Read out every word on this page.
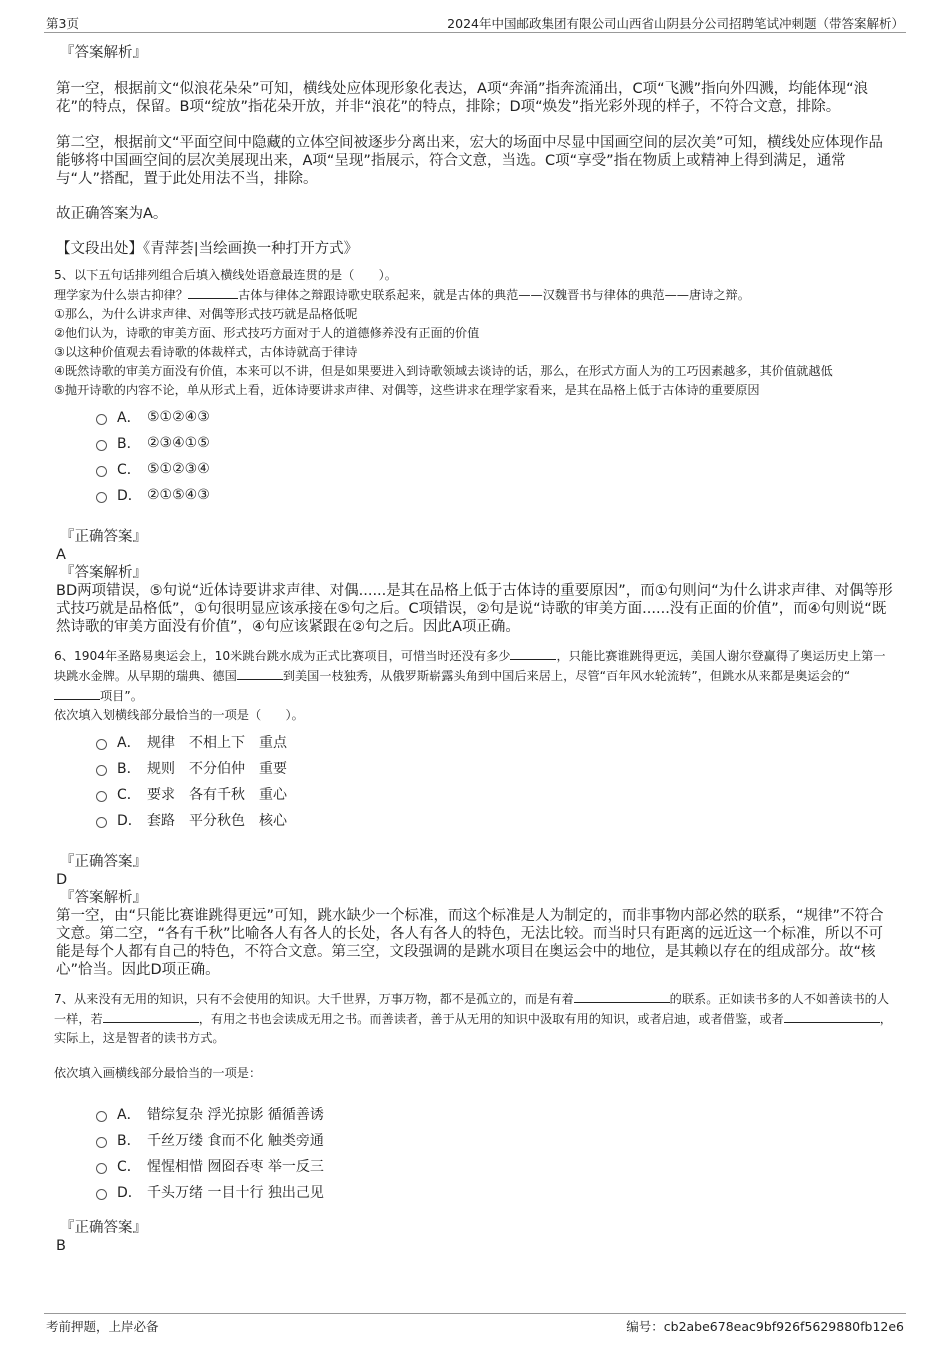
第3页	2024年中国邮政集团有限公司山西省山阴县分公司招聘笔试冲刺题（带答案解析）
『答案解析』

第一空，根据前文“似浪花朵朵”可知，横线处应体现形象化表达，A项“奔涌”指奔流涌出，C项“飞溅”指向外四溅，均能体现“浪花”的特点，保留。B项“绽放”指花朵开放，并非“浪花”的特点，排除；D项“焕发”指光彩外现的样子，不符合文意，排除。

第二空，根据前文“平面空间中隐藏的立体空间被逐步分离出来，宏大的场面中尽显中国画空间的层次美”可知，横线处应体现作品能够将中国画空间的层次美展现出来，A项“呈现”指展示，符合文意，当选。C项“享受”指在物质上或精神上得到满足，通常与“人”搭配，置于此处用法不当，排除。

故正确答案为A。

【文段出处】《青萍荟|当绘画换一种打开方式》

5、以下五句话排列组合后填入横线处语意最连贯的是（　　）。
理学家为什么崇古抑律？	古体与律体之辩跟诗歌史联系起来，就是古体的典范——汉魏晋书与律体的典范——唐诗之辩。
①那么，为什么讲求声律、对偶等形式技巧就是品格低呢
②他们认为，诗歌的审美方面、形式技巧方面对于人的道德修养没有正面的价值
③以这种价值观去看诗歌的体裁样式，古体诗就高于律诗
④既然诗歌的审美方面没有价值，本来可以不讲，但是如果要进入到诗歌领域去谈诗的话，那么，在形式方面人为的工巧因素越多，其价值就越低
⑤抛开诗歌的内容不论，单从形式上看，近体诗要讲求声律、对偶等，这些讲求在理学家看来，是其在品格上低于古体诗的重要原因
A． ⑤①②④③
B． ②③④①⑤
C． ⑤①②③④
D． ②①⑤④③
『正确答案』
A
『答案解析』

BD两项错误，⑤句说“近体诗要讲求声律、对偶......是其在品格上低于古体诗的重要原因”，而①句则问“为什么讲求声律、对偶等形式技巧就是品格低”，①句很明显应该承接在⑤句之后。C项错误，②句是说“诗歌的审美方面......没有正面的价值”，而④句则说“既然诗歌的审美方面没有价值”，④句应该紧跟在②句之后。因此A项正确。

6、1904年圣路易奥运会上，10米跳台跳水成为正式比赛项目，可惜当时还没有多少	，只能比赛谁跳得更远，美国人谢尔登赢得了奥运历史上第一块跳水金牌。从早期的瑞典、德国	到美国一枝独秀，从俄罗斯崭露头角到中国后来居上，尽管“百年风水轮流转”，但跳水从来都是奥运会的“项目”。
依次填入划横线部分最恰当的一项是（　　）。
A． 规律　不相上下　重点
B． 规则　不分伯仲　重要
C． 要求　各有千秋　重心
D． 套路　平分秋色　核心
『正确答案』
D
『答案解析』

第一空，由“只能比赛谁跳得更远”可知，跳水缺少一个标准，而这个标准是人为制定的，而非事物内部必然的联系，“规律”不符合文意。第二空，“各有千秋”比喻各人有各人的长处，各人有各人的特色，无法比较。而当时只有距离的远近这一个标准，所以不可能是每个人都有自己的特色，不符合文意。第三空，文段强调的是跳水项目在奥运会中的地位，是其赖以存在的组成部分。故“核心”恰当。因此D项正确。

7、从来没有无用的知识，只有不会使用的知识。大千世界，万事万物，都不是孤立的，而是有着	的联系。正如读书多的人不如善读书的人一样，若	，有用之书也会读成无用之书。而善读者，善于从无用的知识中汲取有用的知识，或者启迪，或者借鉴，或者	，实际上，这是智者的读书方式。
依次填入画横线部分最恰当的一项是：
A． 错综复杂 浮光掠影 循循善诱
B． 千丝万缕 食而不化 触类旁通
C． 惺惺相惜 囫囵吞枣 举一反三
D． 千头万绪 一目十行 独出己见
『正确答案』
B
考前押题，上岸必备	编号：cb2abe678eac9bf926f5629880fb12e6
